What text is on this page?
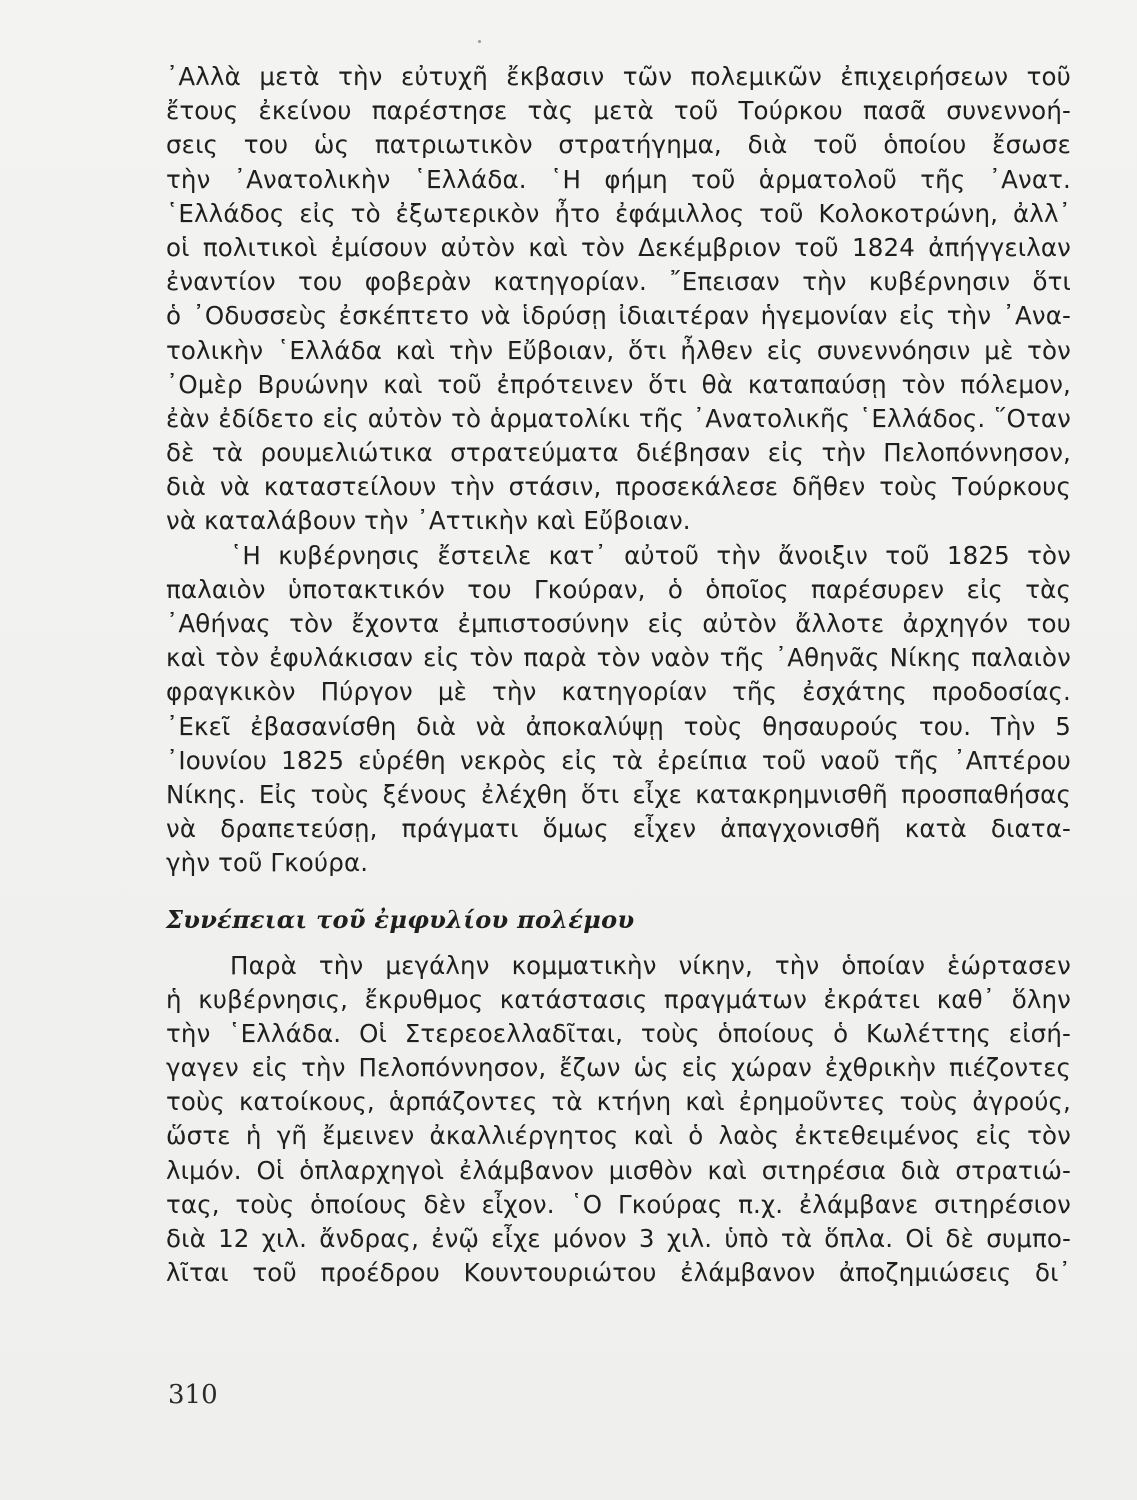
᾿Αλλὰ μετὰ τὴν εὐτυχῆ ἔκβασιν τῶν πολεμικῶν ἐπιχειρήσεων τοῦ
ἔτους ἐκείνου παρέστησε τὰς μετὰ τοῦ Τούρκου πασᾶ συνεννοή-
σεις του ὡς πατριωτικὸν στρατήγημα, διὰ τοῦ ὁποίου ἔσωσε
τὴν ᾿Ανατολικὴν ῾Ελλάδα. ῾Η φήμη τοῦ ἁρματολοῦ τῆς ᾿Ανατ.
῾Ελλάδος εἰς τὸ ἐξωτερικὸν ἦτο ἐφάμιλλος τοῦ Κολοκοτρώνη, ἀλλ᾿
οἱ πολιτικοὶ ἐμίσουν αὐτὸν καὶ τὸν Δεκέμβριον τοῦ 1824 ἀπήγγειλαν
ἐναντίον του φοβερὰν κατηγορίαν. ῎Επεισαν τὴν κυβέρνησιν ὅτι
ὁ ᾿Οδυσσεὺς ἐσκέπτετο νὰ ἱδρύσῃ ἰδιαιτέραν ἡγεμονίαν εἰς τὴν ᾿Ανα-
τολικὴν ῾Ελλάδα καὶ τὴν Εὔβοιαν, ὅτι ἦλθεν εἰς συνεννόησιν μὲ τὸν
᾿Ομὲρ Βρυώνην καὶ τοῦ ἐπρότεινεν ὅτι θὰ καταπαύσῃ τὸν πόλεμον,
ἐὰν ἐδίδετο εἰς αὐτὸν τὸ ἁρματολίκι τῆς ᾿Ανατολικῆς ῾Ελλάδος. ῞Οταν
δὲ τὰ ρουμελιώτικα στρατεύματα διέβησαν εἰς τὴν Πελοπόννησον,
διὰ νὰ καταστείλουν τὴν στάσιν, προσεκάλεσε δῆθεν τοὺς Τούρκους
νὰ καταλάβουν τὴν ᾿Αττικὴν καὶ Εὔβοιαν.
῾Η κυβέρνησις ἔστειλε κατ᾿ αὐτοῦ τὴν ἄνοιξιν τοῦ 1825 τὸν
παλαιὸν ὑποτακτικόν του Γκούραν, ὁ ὁποῖος παρέσυρεν εἰς τὰς
᾿Αθήνας τὸν ἔχοντα ἐμπιστοσύνην εἰς αὐτὸν ἄλλοτε ἀρχηγόν του
καὶ τὸν ἐφυλάκισαν εἰς τὸν παρὰ τὸν ναὸν τῆς ᾿Αθηνᾶς Νίκης παλαιὸν
φραγκικὸν Πύργον μὲ τὴν κατηγορίαν τῆς ἐσχάτης προδοσίας.
᾿Εκεῖ ἐβασανίσθη διὰ νὰ ἀποκαλύψῃ τοὺς θησαυρούς του. Τὴν 5
᾿Ιουνίου 1825 εὑρέθη νεκρὸς εἰς τὰ ἐρείπια τοῦ ναοῦ τῆς ᾿Απτέρου
Νίκης. Εἰς τοὺς ξένους ἐλέχθη ὅτι εἶχε κατακρημνισθῆ προσπαθήσας
νὰ δραπετεύσῃ, πράγματι ὅμως εἶχεν ἀπαγχονισθῆ κατὰ διατα-
γὴν τοῦ Γκούρα.
Συνέπειαι τοῦ ἐμφυλίου πολέμου
Παρὰ τὴν μεγάλην κομματικὴν νίκην, τὴν ὁποίαν ἑώρτασεν
ἡ κυβέρνησις, ἔκρυθμος κατάστασις πραγμάτων ἐκράτει καθ᾿ ὅλην
τὴν ῾Ελλάδα. Οἱ Στερεοελλαδῖται, τοὺς ὁποίους ὁ Κωλέττης εἰσή-
γαγεν εἰς τὴν Πελοπόννησον, ἔζων ὡς εἰς χώραν ἐχθρικὴν πιέζοντες
τοὺς κατοίκους, ἁρπάζοντες τὰ κτήνη καὶ ἐρημοῦντες τοὺς ἀγρούς,
ὥστε ἡ γῆ ἔμεινεν ἀκαλλιέργητος καὶ ὁ λαὸς ἐκτεθειμένος εἰς τὸν
λιμόν. Οἱ ὁπλαρχηγοὶ ἐλάμβανον μισθὸν καὶ σιτηρέσια διὰ στρατιώ-
τας, τοὺς ὁποίους δὲν εἶχον. ῾Ο Γκούρας π.χ. ἐλάμβανε σιτηρέσιον
διὰ 12 χιλ. ἄνδρας, ἐνῷ εἶχε μόνον 3 χιλ. ὑπὸ τὰ ὅπλα. Οἱ δὲ συμπο-
λῖται τοῦ προέδρου Κουντουριώτου ἐλάμβανον ἀποζημιώσεις δι᾿
310
